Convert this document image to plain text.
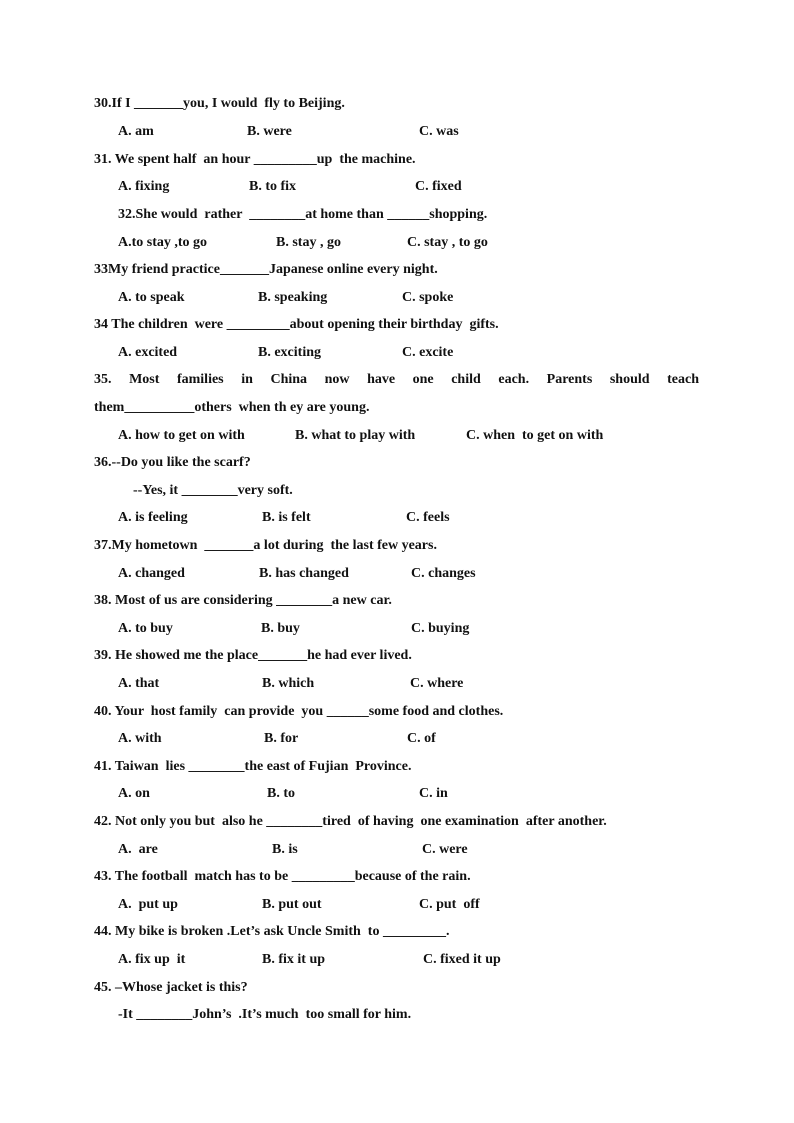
30.If I _______you, I would  fly to Beijing.
A. am	B. were	C. was
31. We spent half  an hour _________up  the machine.
A. fixing	B. to fix	C. fixed
32.She would  rather  ________at home than ______shopping.
A.to stay ,to go	B. stay , go	C. stay , to go
33My friend practice_______Japanese online every night.
A. to speak	B. speaking	C. spoke
34 The children  were _________about opening their birthday  gifts.
A. excited	B. exciting	C. excite
35. Most families in China now have one child each. Parents should teach
them__________others  when th ey are young.
A. how to get on with	B. what to play with	C. when  to get on with
36.--Do you like the scarf?
--Yes, it ________very soft.
A. is feeling	B. is felt	C. feels
37.My hometown  _______a lot during  the last few years.
A. changed	B. has changed	C. changes
38. Most of us are considering ________a new car.
A. to buy	B. buy	C. buying
39. He showed me the place_______he had ever lived.
A. that	B. which	C. where
40. Your  host family  can provide  you ______some food and clothes.
A. with	B. for	C. of
41. Taiwan  lies ________the east of Fujian  Province.
A. on	B. to	C. in
42. Not only you but  also he ________tired  of having  one examination  after another.
A.  are	B. is	C. were
43. The football  match has to be _________because of the rain.
A.  put up	B. put out	C. put  off
44. My bike is broken .Let’s ask Uncle Smith  to _________.
A. fix up  it	B. fix it up	C. fixed it up
45. –Whose jacket is this?
-It ________John’s  .It’s much  too small for him.
